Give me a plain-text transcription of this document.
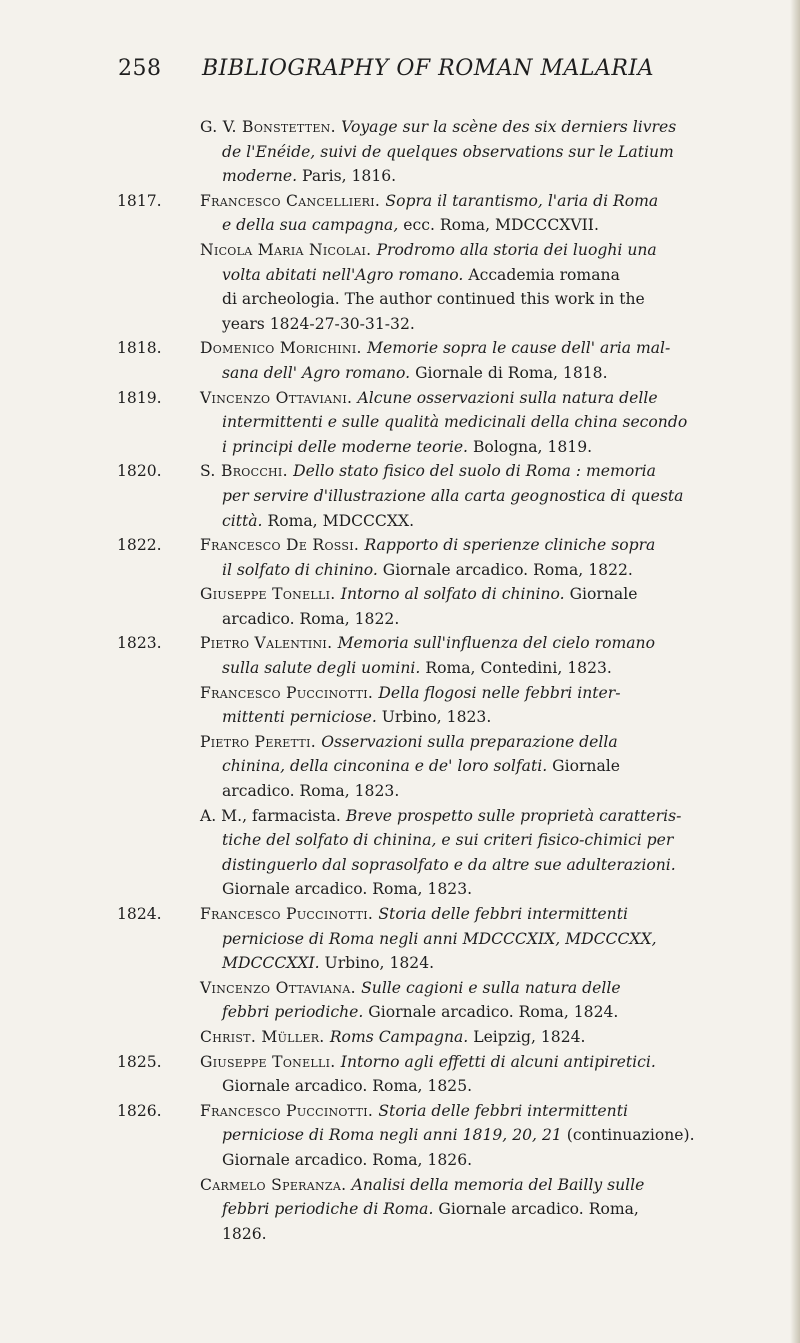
258 BIBLIOGRAPHY OF ROMAN MALARIA
G. V. Bonstetten. Voyage sur la scène des six derniers livres
de l'Enéide, suivi de quelques observations sur le Latium
moderne. Paris, 1816.
1817. Francesco Cancellieri. Sopra il tarantismo, l'aria di Roma
e della sua campagna, ecc. Roma, MDCCCXVII.
Nicola Maria Nicolai. Prodromo alla storia dei luoghi una
volta abitati nell'Agro romano. Accademia romana
di archeologia. The author continued this work in the
years 1824-27-30-31-32.
1818. Domenico Morichini. Memorie sopra le cause dell' aria mal-
sana dell' Agro romano. Giornale di Roma, 1818.
1819. Vincenzo Ottaviani. Alcune osservazioni sulla natura delle
intermittenti e sulle qualità medicinali della china secondo
i principi delle moderne teorie. Bologna, 1819.
1820. S. Brocchi. Dello stato fisico del suolo di Roma : memoria
per servire d'illustrazione alla carta geognostica di questa
città. Roma, MDCCCXX.
1822. Francesco De Rossi. Rapporto di sperienze cliniche sopra
il solfato di chinino. Giornale arcadico. Roma, 1822.
Giuseppe Tonelli. Intorno al solfato di chinino. Giornale
arcadico. Roma, 1822.
1823. Pietro Valentini. Memoria sull'influenza del cielo romano
sulla salute degli uomini. Roma, Contedini, 1823.
Francesco Puccinotti. Della flogosi nelle febbri inter-
mittenti perniciose. Urbino, 1823.
Pietro Peretti. Osservazioni sulla preparazione della
chinina, della cinconina e de' loro solfati. Giornale
arcadico. Roma, 1823.
A. M., farmacista. Breve prospetto sulle proprietà caratteris-
tiche del solfato di chinina, e sui criteri fisico-chimici per
distinguerlo dal soprasolfato e da altre sue adulterazioni.
Giornale arcadico. Roma, 1823.
1824. Francesco Puccinotti. Storia delle febbri intermittenti
perniciose di Roma negli anni MDCCCXIX, MDCCCXX,
MDCCCXXI. Urbino, 1824.
Vincenzo Ottaviana. Sulle cagioni e sulla natura delle
febbri periodiche. Giornale arcadico. Roma, 1824.
Christ. Müller. Roms Campagna. Leipzig, 1824.
1825. Giuseppe Tonelli. Intorno agli effetti di alcuni antipiretici.
Giornale arcadico. Roma, 1825.
1826. Francesco Puccinotti. Storia delle febbri intermittenti
perniciose di Roma negli anni 1819, 20, 21 (continuazione).
Giornale arcadico. Roma, 1826.
Carmelo Speranza. Analisi della memoria del Bailly sulle
febbri periodiche di Roma. Giornale arcadico. Roma,
1826.
